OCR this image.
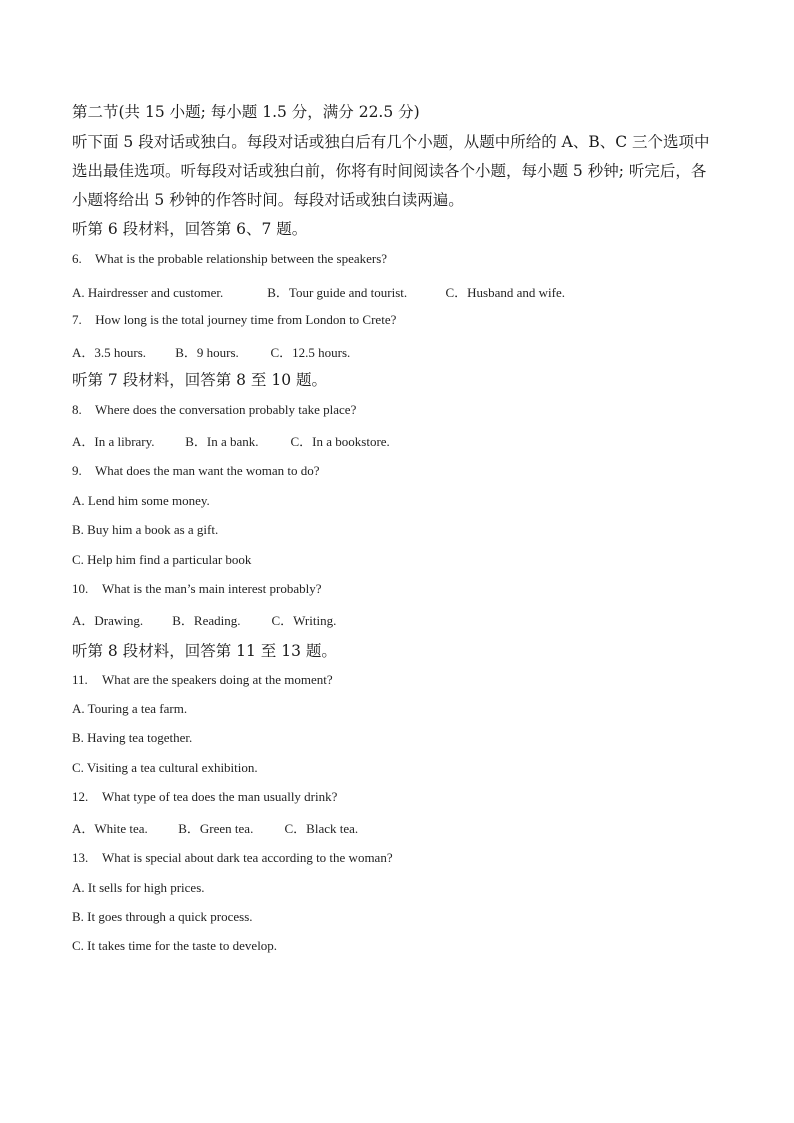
第二节(共 15 小题; 每小题 1.5 分，满分 22.5 分)
听下面 5 段对话或独白。每段对话或独白后有几个小题，从题中所给的 A、B、C 三个选项中
选出最佳选项。听每段对话或独白前，你将有时间阅读各个小题，每小题 5 秒钟; 听完后，各
小题将给出 5 秒钟的作答时间。每段对话或独白读两遍。
听第 6 段材料，回答第 6、7 题。
6. What is the probable relationship between the speakers?
A. Hairdresser and customer.	B．Tour guide and tourist.	C．Husband and wife.
7. How long is the total journey time from London to Crete?
A．3.5 hours. B．9 hours. C．12.5 hours.
听第 7 段材料，回答第 8 至 10 题。
8. Where does the conversation probably take place?
A．In a library. B．In a bank. C．In a bookstore.
9. What does the man want the woman to do?
A. Lend him some money.
B. Buy him a book as a gift.
C. Help him find a particular book
10. What is the man’s main interest probably?
A．Drawing. B．Reading. C．Writing.
听第 8 段材料，回答第 11 至 13 题。
11. What are the speakers doing at the moment?
A. Touring a tea farm.
B. Having tea together.
C. Visiting a tea cultural exhibition.
12. What type of tea does the man usually drink?
A．White tea. B．Green tea. C．Black tea.
13. What is special about dark tea according to the woman?
A. It sells for high prices.
B. It goes through a quick process.
C. It takes time for the taste to develop.
